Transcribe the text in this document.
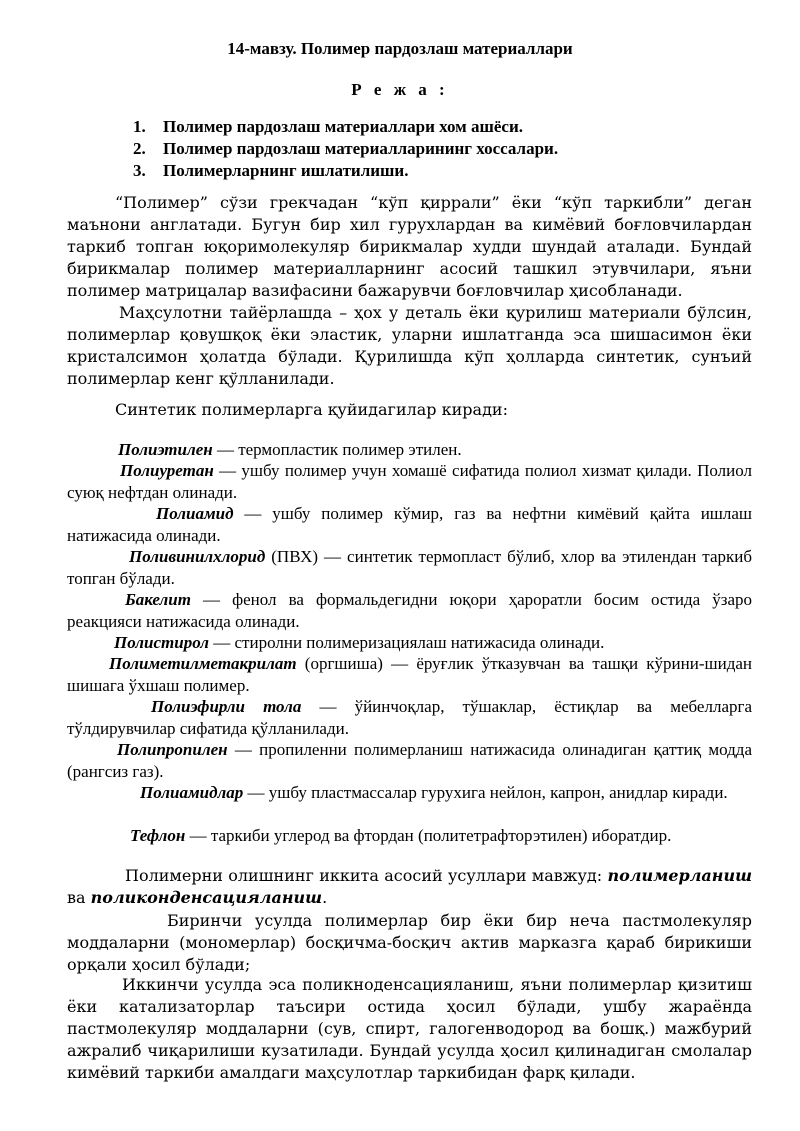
14-мавзу. Полимер пардозлаш материаллари
Р е ж а :
1. Полимер пардозлаш материаллари хом ашёси.
2. Полимер пардозлаш материалларининг хоссалари.
3. Полимерларнинг ишлатилиши.

“Полимер” сўзи грекчадан “кўп қиррали” ёки “кўп таркибли” деган маънони англатади. Бугун бир хил гурухлардан ва кимёвий боғловчилардан таркиб топган юқоримолекуляр бирикмалар худди шундай аталади. Бундай бирикмалар полимер материалларнинг асосий ташкил этувчилари, яъни полимер матрицалар вазифасини бажарувчи боғловчилар ҳисобланади.

Маҳсулотни тайёрлашда – ҳох у деталь ёки қурилиш материали бўлсин, полимерлар қовушқоқ ёки эластик, уларни ишлатганда эса шишасимон ёки кристалсимон ҳолатда бўлади. Қурилишда кўп ҳолларда синтетик, сунъий полимерлар кенг қўлланилади.

Синтетик полимерларга қуйидагилар киради:

Полиэтилен — термопластик полимер этилен.

Полиуретан — ушбу полимер учун хомашё сифатида полиол хизмат қилади. Полиол суюқ нефтдан олинади.

Полиамид — ушбу полимер кўмир, газ ва нефтни кимёвий қайта ишлаш натижасида олинади.

Поливинилхлорид (ПВХ) — синтетик термопласт бўлиб, хлор ва этилендан таркиб топган бўлади.

Бакелит — фенол ва формальдегидни юқори ҳароратли босим остида ўзаро реакцияси натижасида олинади.

Полистирол — стиролни полимеризациялаш натижасида олинади.

Полиметилметакрилат (оргшиша) — ёруғлик ўтказувчан ва ташқи кўрини-шидан шишага ўхшаш полимер.

Полиэфирли тола — ўйинчоқлар, тўшаклар, ёстиқлар ва мебелларга тўлдирувчилар сифатида қўлланилади.

Полипропилен — пропиленни полимерланиш натижасида олинадиган қаттиқ модда (рангсиз газ).

Полиамидлар — ушбу пластмассалар гурухига нейлон, капрон, анидлар киради.

Тефлон — таркиби углерод ва фтордан (политетрафторэтилен) иборатдир.

Полимерни олишнинг иккита асосий усуллари мавжуд: полимерланиш ва поликонденсацияланиш.

Биринчи усулда полимерлар бир ёки бир неча пастмолекуляр моддаларни (мономерлар) босқичма-босқич актив марказга қараб бирикиши орқали ҳосил бўлади;

Иккинчи усулда эса поликнодeнсацияланиш, яъни полимерлар қизитиш ёки катализаторлар таъсири остида ҳосил бўлади, ушбу жараёнда пастмолекуляр моддаларни (сув, спирт, галогенводород ва бошқ.) мажбурий ажралиб чиқарилиши кузатилади. Бундай усулда ҳосил қилинадиган смолалар кимёвий таркиби амалдаги маҳсулотлар таркибидан фарқ қилади.
